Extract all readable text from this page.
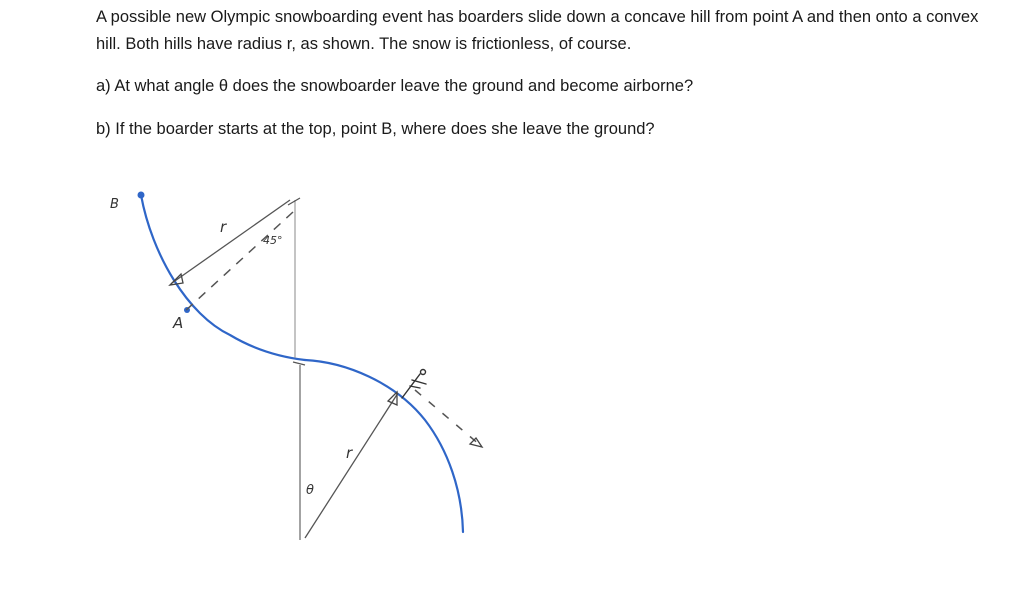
A possible new Olympic snowboarding event has boarders slide down a concave hill from point A and then onto a convex hill. Both hills have radius r, as shown. The snow is frictionless, of course.

a) At what angle θ does the snowboarder leave the ground and become airborne?

b) If the boarder starts at the top, point B, where does she leave the ground?

B
A
r
45°
r
θ
